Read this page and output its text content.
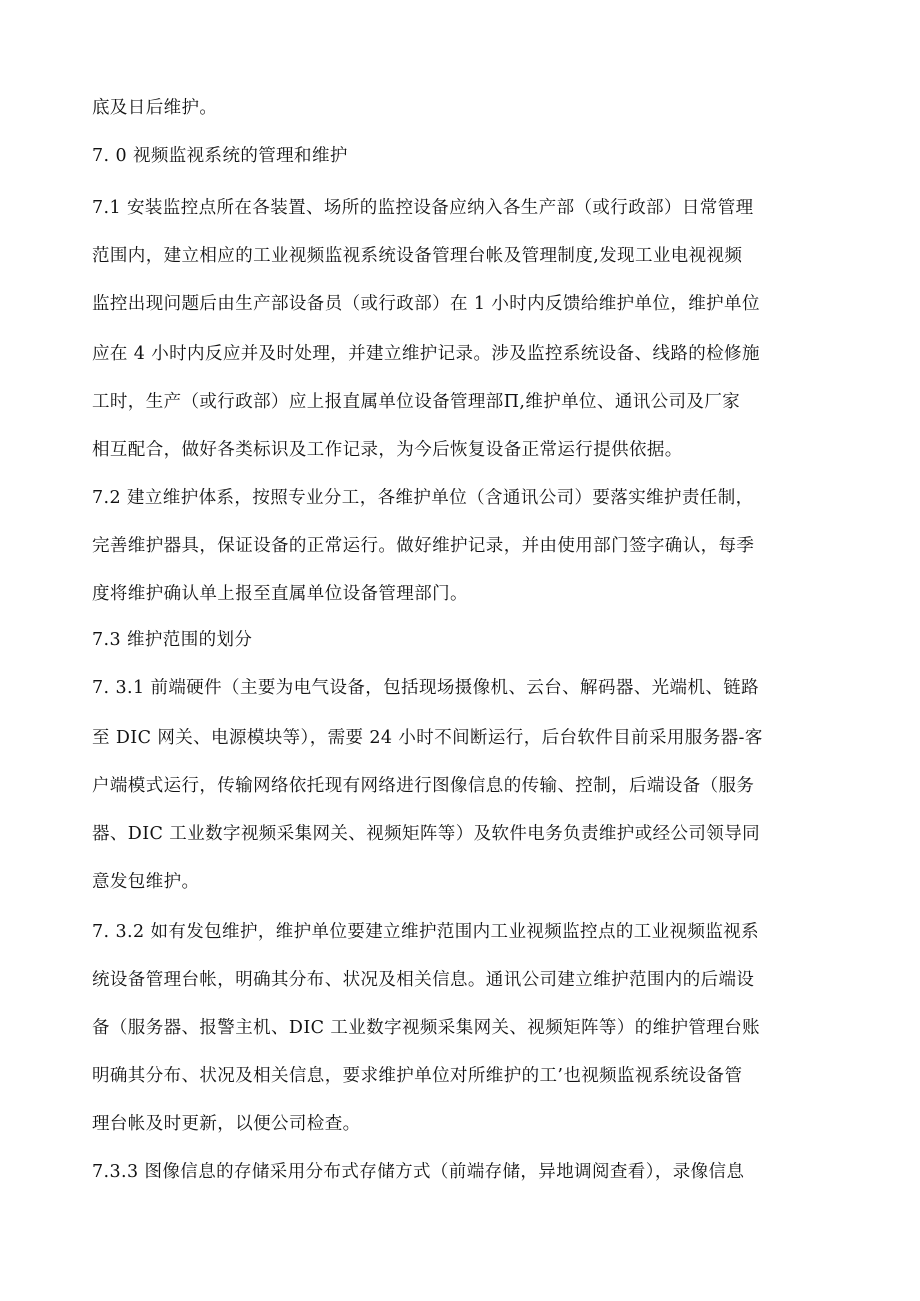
底及日后维护。
7. 0 视频监视系统的管理和维护
7.1 安装监控点所在各装置、场所的监控设备应纳入各生产部（或行政部）日常管理
范围内，建立相应的工业视频监视系统设备管理台帐及管理制度,发现工业电视视频
监控出现问题后由生产部设备员（或行政部）在 1 小时内反馈给维护单位，维护单位
应在 4 小时内反应并及时处理，并建立维护记录。涉及监控系统设备、线路的检修施
工时，生产（或行政部）应上报直属单位设备管理部Π,维护单位、通讯公司及厂家
相互配合，做好各类标识及工作记录，为今后恢复设备正常运行提供依据。
7.2 建立维护体系，按照专业分工，各维护单位（含通讯公司）要落实维护责任制，
完善维护器具，保证设备的正常运行。做好维护记录，并由使用部门签字确认，每季
度将维护确认单上报至直属单位设备管理部门。
7.3 维护范围的划分
7. 3.1 前端硬件（主要为电气设备，包括现场摄像机、云台、解码器、光端机、链路
至 DIC 网关、电源模块等），需要 24 小时不间断运行，后台软件目前采用服务器-客
户端模式运行，传输网络依托现有网络进行图像信息的传输、控制，后端设备（服务
器、DIC 工业数字视频采集网关、视频矩阵等）及软件电务负责维护或经公司领导同
意发包维护。
7. 3.2 如有发包维护，维护单位要建立维护范围内工业视频监控点的工业视频监视系
统设备管理台帐，明确其分布、状况及相关信息。通讯公司建立维护范围内的后端设
备（服务器、报警主机、DIC 工业数字视频采集网关、视频矩阵等）的维护管理台账
明确其分布、状况及相关信息，要求维护单位对所维护的工’也视频监视系统设备管
理台帐及时更新，以便公司检查。
7.3.3 图像信息的存储采用分布式存储方式（前端存储，异地调阅查看），录像信息
